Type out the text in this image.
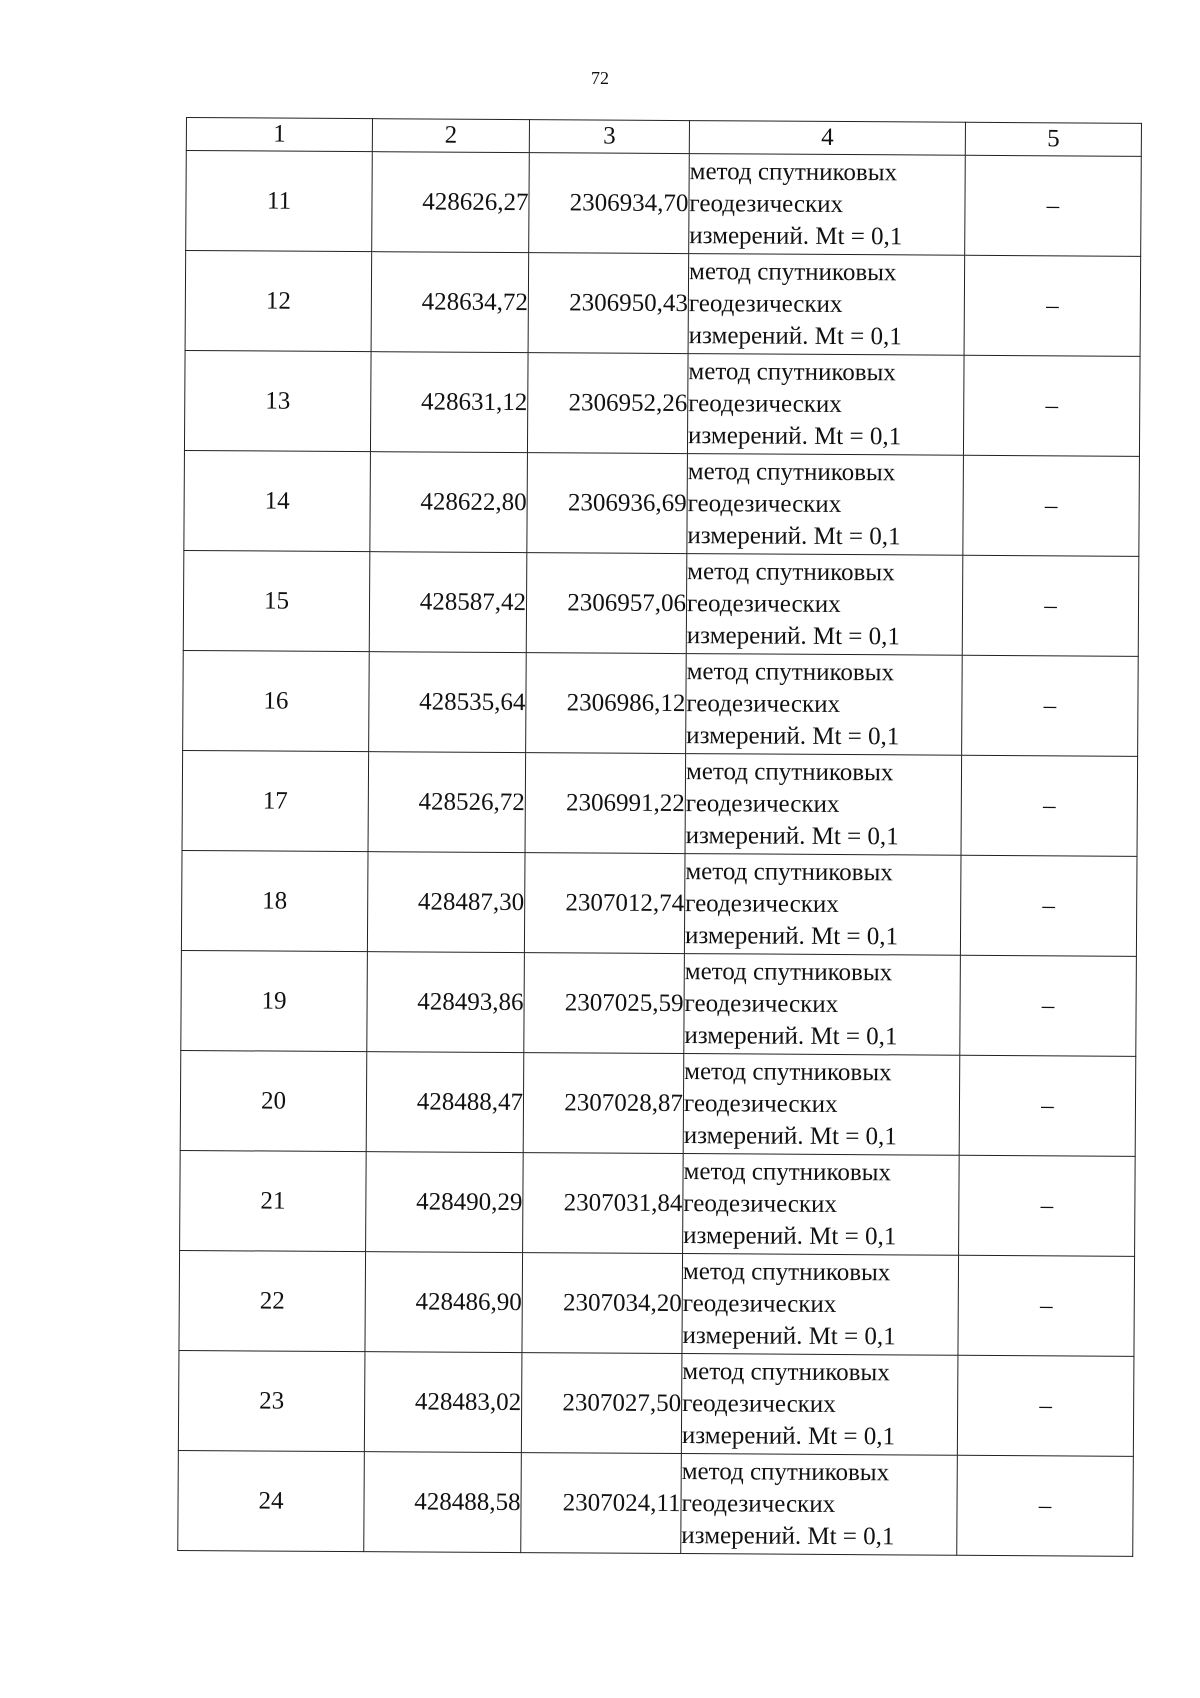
72
1	2	3	4	5
11	428626,27	2306934,70	метод спутниковых
геодезических
измерений. Mt = 0,1	–
12	428634,72	2306950,43	метод спутниковых
геодезических
измерений. Mt = 0,1	–
13	428631,12	2306952,26	метод спутниковых
геодезических
измерений. Mt = 0,1	–
14	428622,80	2306936,69	метод спутниковых
геодезических
измерений. Mt = 0,1	–
15	428587,42	2306957,06	метод спутниковых
геодезических
измерений. Mt = 0,1	–
16	428535,64	2306986,12	метод спутниковых
геодезических
измерений. Mt = 0,1	–
17	428526,72	2306991,22	метод спутниковых
геодезических
измерений. Mt = 0,1	–
18	428487,30	2307012,74	метод спутниковых
геодезических
измерений. Mt = 0,1	–
19	428493,86	2307025,59	метод спутниковых
геодезических
измерений. Mt = 0,1	–
20	428488,47	2307028,87	метод спутниковых
геодезических
измерений. Mt = 0,1	–
21	428490,29	2307031,84	метод спутниковых
геодезических
измерений. Mt = 0,1	–
22	428486,90	2307034,20	метод спутниковых
геодезических
измерений. Mt = 0,1	–
23	428483,02	2307027,50	метод спутниковых
геодезических
измерений. Mt = 0,1	–
24	428488,58	2307024,11	метод спутниковых
геодезических
измерений. Mt = 0,1	–
